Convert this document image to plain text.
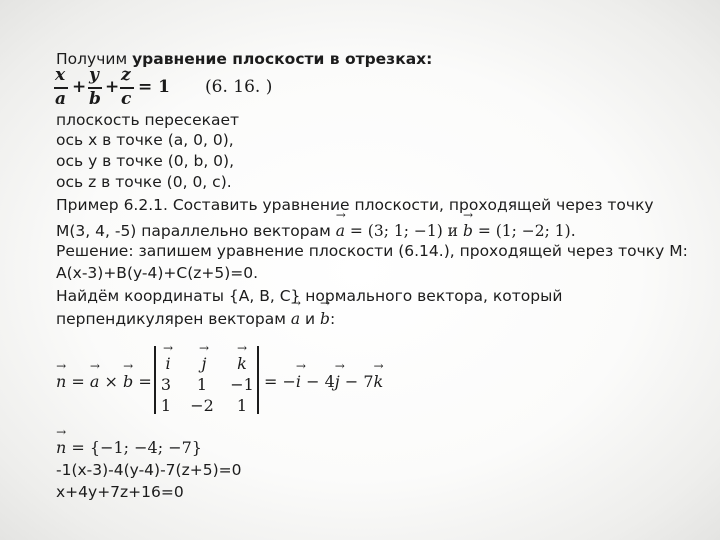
Получим уравнение плоскости в отрезках:
x
a
+
y
b
+
z
c
= 1 (6. 16. )
плоскость пересекает
ось x в точке (a, 0, 0),
ось y в точке (0, b, 0),
ось z в точке (0, 0, c).
Пример 6.2.1. Составить уравнение плоскости, проходящей через точку
M(3, 4, -5) параллельно векторам → a = (3; 1; −1) и → b = (1; −2; 1).
Решение: запишем уравнение плоскости (6.14.), проходящей через точку M:
A(x-3)+B(y-4)+C(z+5)=0.
Найдём координаты {A, B, C} нормального вектора, который
перпендикулярен векторам → a и → b:
→ n = → a × → b =
→ i	→ j	→ k
3	1	−1
1	−2	1
= −→ i − 4→ j − 7→ k
→ n = {−1; −4; −7}
-1(x-3)-4(y-4)-7(z+5)=0
x+4y+7z+16=0
